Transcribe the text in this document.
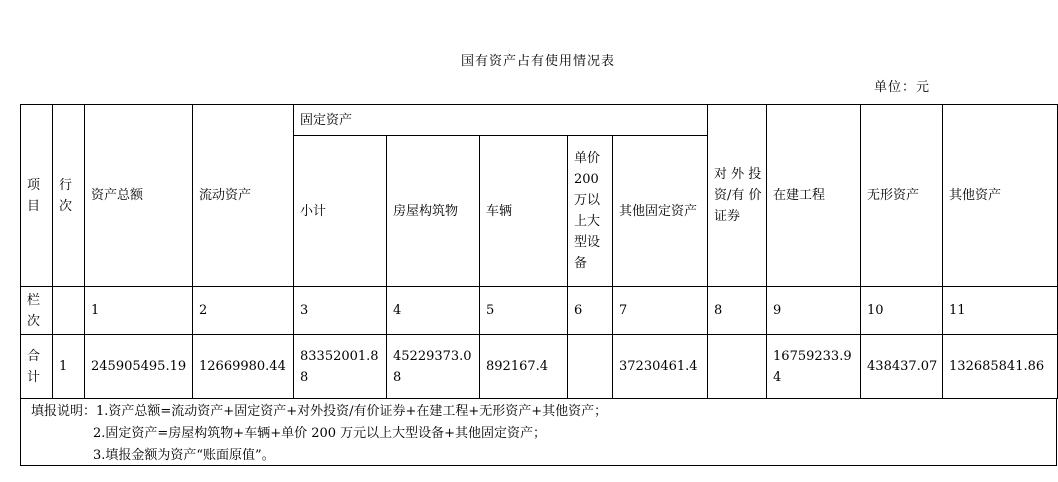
国有资产占有使用情况表
单位：元
项目	行次	资产总额	流动资产	固定资产					对 外 投资/有 价证券	在建工程	无形资产	其他资产
				小计	房屋构筑物	车辆	单价200万以上大型设备	其他固定资产				
栏次		1	2	3	4	5	6	7	8	9	10	11
合计	1	245905495.19	12669980.44	83352001.88	45229373.08	892167.4		37230461.4		16759233.94	438437.07	132685841.86
填报说明：1.资产总额=流动资产+固定资产+对外投资/有价证券+在建工程+无形资产+其他资产；
2.固定资产=房屋构筑物+车辆+单价 200 万元以上大型设备+其他固定资产；
3.填报金额为资产“账面原值”。
